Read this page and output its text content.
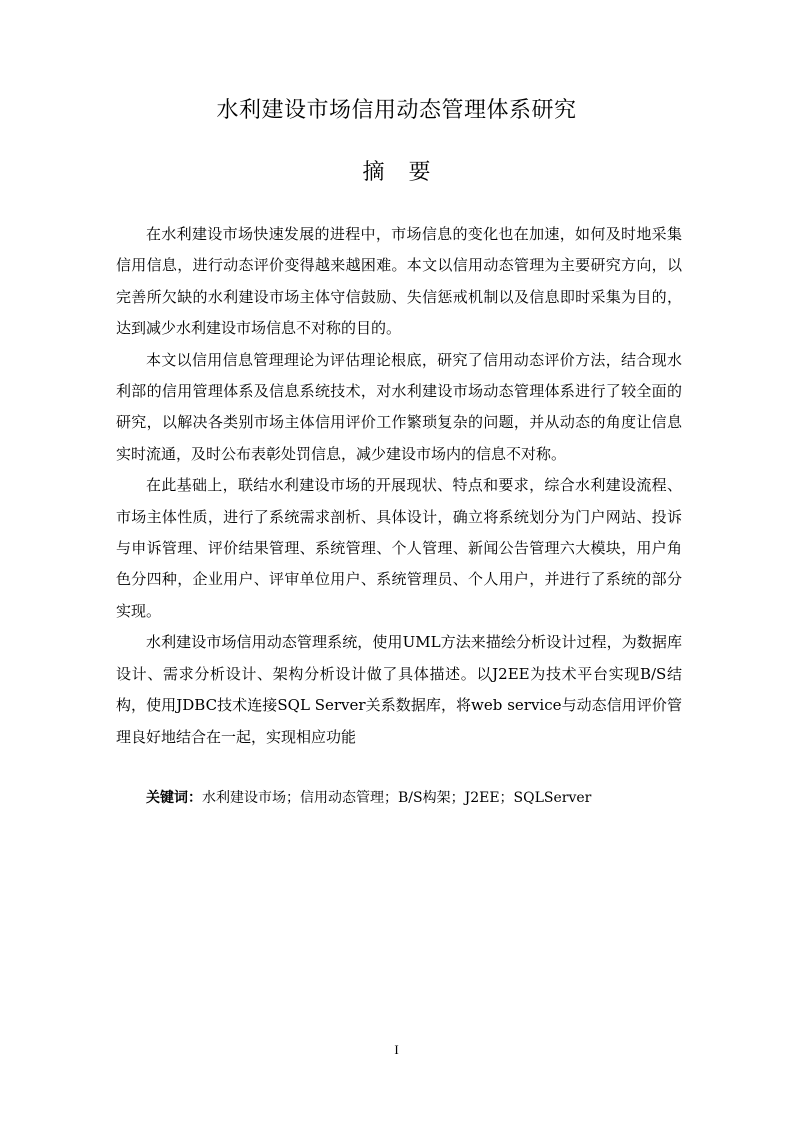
水利建设市场信用动态管理体系研究
摘要

在水利建设市场快速发展的进程中，市场信息的变化也在加速，如何及时地采集信用信息，进行动态评价变得越来越困难。本文以信用动态管理为主要研究方向，以完善所欠缺的水利建设市场主体守信鼓励、失信惩戒机制以及信息即时采集为目的，达到减少水利建设市场信息不对称的目的。

本文以信用信息管理理论为评估理论根底，研究了信用动态评价方法，结合现水利部的信用管理体系及信息系统技术，对水利建设市场动态管理体系进行了较全面的研究，以解决各类别市场主体信用评价工作繁琐复杂的问题，并从动态的角度让信息实时流通，及时公布表彰处罚信息，减少建设市场内的信息不对称。

在此基础上，联结水利建设市场的开展现状、特点和要求，综合水利建设流程、市场主体性质，进行了系统需求剖析、具体设计，确立将系统划分为门户网站、投诉与申诉管理、评价结果管理、系统管理、个人管理、新闻公告管理六大模块，用户角色分四种，企业用户、评审单位用户、系统管理员、个人用户，并进行了系统的部分实现。

水利建设市场信用动态管理系统，使用UML方法来描绘分析设计过程，为数据库设计、需求分析设计、架构分析设计做了具体描述。以J2EE为技术平台实现B/S结构，使用JDBC技术连接SQL Server关系数据库，将web service与动态信用评价管理良好地结合在一起，实现相应功能

关键词：水利建设市场；信用动态管理；B/S构架；J2EE；SQLServer
I
